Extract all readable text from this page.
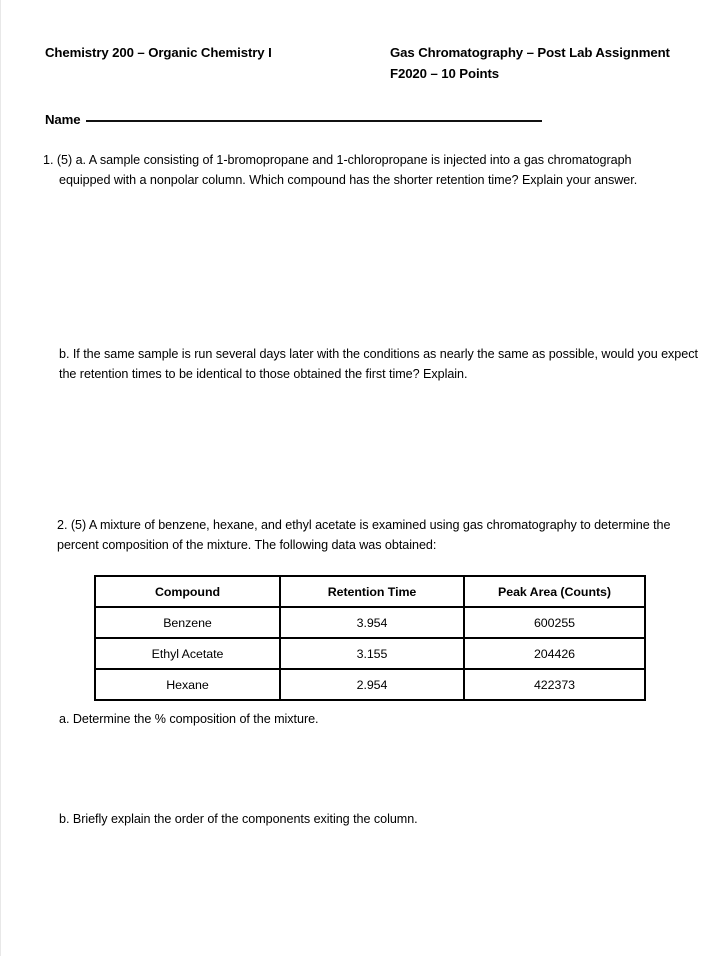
Chemistry 200 – Organic Chemistry I	Gas Chromatography – Post Lab Assignment
F2020 – 10 Points
Name
1. (5) a. A sample consisting of 1-bromopropane and 1-chloropropane is injected into a gas chromatograph
equipped with a nonpolar column. Which compound has the shorter retention time? Explain your answer.
b. If the same sample is run several days later with the conditions as nearly the same as possible, would you expect the retention times to be identical to those obtained the first time? Explain.
2. (5) A mixture of benzene, hexane, and ethyl acetate is examined using gas chromatography to determine the percent composition of the mixture. The following data was obtained:
Compound	Retention Time	Peak Area (Counts)
Benzene	3.954	600255
Ethyl Acetate	3.155	204426
Hexane	2.954	422373
a. Determine the % composition of the mixture.
b. Briefly explain the order of the components exiting the column.
